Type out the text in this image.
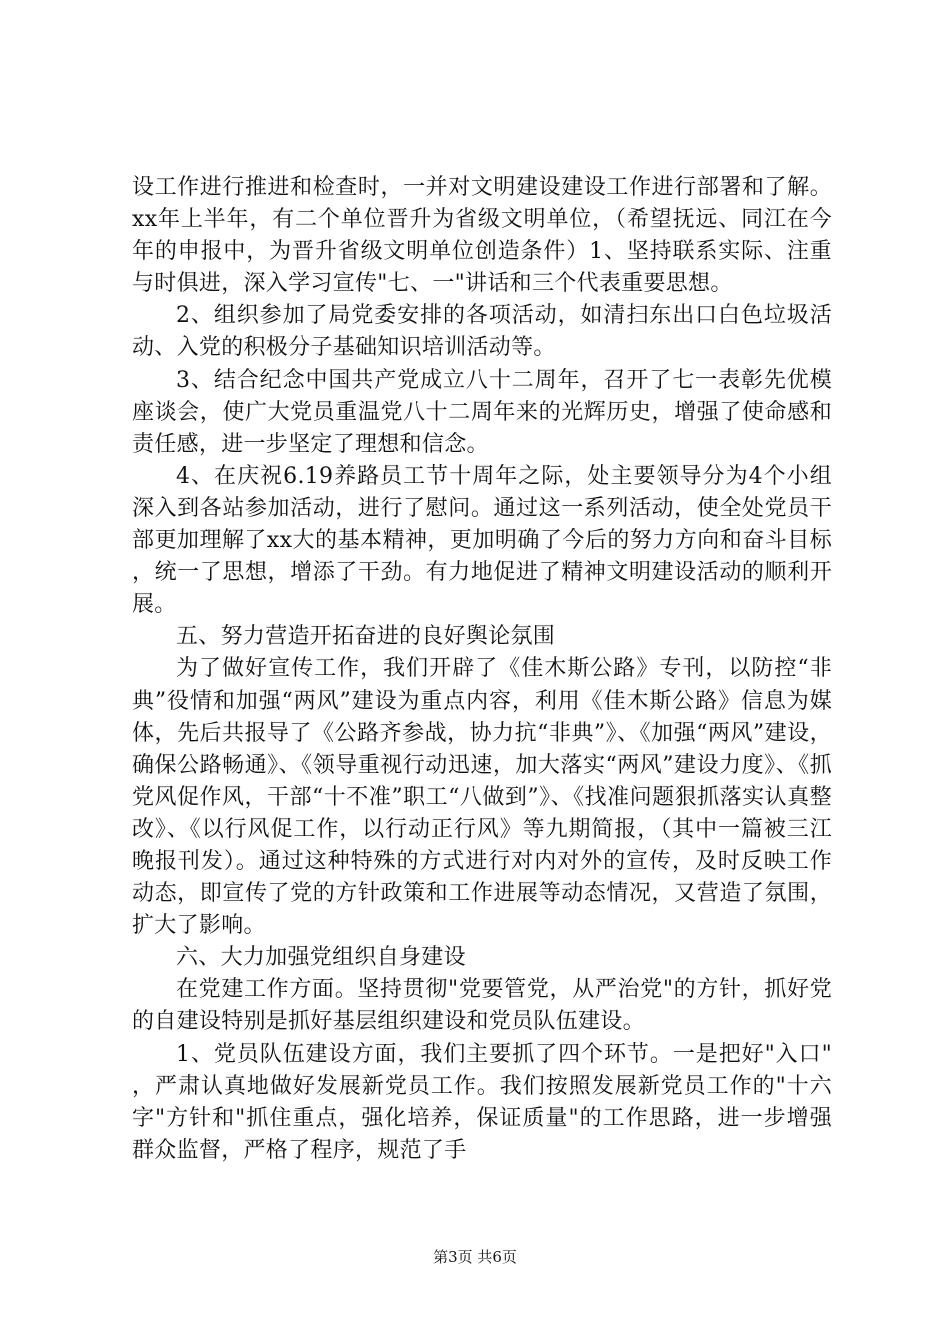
设工作进行推进和检查时，一并对文明建设建设工作进行部署和了解。xx年上半年，有二个单位晋升为省级文明单位，（希望抚远、同江在今年的申报中，为晋升省级文明单位创造条件）1、坚持联系实际、注重与时俱进，深入学习宣传"七、一"讲话和三个代表重要思想。

2、组织参加了局党委安排的各项活动，如清扫东出口白色垃圾活动、入党的积极分子基础知识培训活动等。

3、结合纪念中国共产党成立八十二周年，召开了七一表彰先优模座谈会，使广大党员重温党八十二周年来的光辉历史，增强了使命感和责任感，进一步坚定了理想和信念。

4、在庆祝6.19养路员工节十周年之际，处主要领导分为4个小组深入到各站参加活动，进行了慰问。通过这一系列活动，使全处党员干部更加理解了xx大的基本精神，更加明确了今后的努力方向和奋斗目标，统一了思想，增添了干劲。有力地促进了精神文明建设活动的顺利开展。

五、努力营造开拓奋进的良好舆论氛围

为了做好宣传工作，我们开辟了《佳木斯公路》专刊，以防控“非典”役情和加强“两风”建设为重点内容，利用《佳木斯公路》信息为媒体，先后共报导了《公路齐参战，协力抗“非典”》、《加强“两风”建设，确保公路畅通》、《领导重视行动迅速，加大落实“两风”建设力度》、《抓党风促作风，干部“十不准”职工“八做到”》、《找准问题狠抓落实认真整改》、《以行风促工作，以行动正行风》等九期简报，（其中一篇被三江晚报刊发）。通过这种特殊的方式进行对内对外的宣传，及时反映工作动态，即宣传了党的方针政策和工作进展等动态情况，又营造了氛围，扩大了影响。

六、大力加强党组织自身建设

在党建工作方面。坚持贯彻"党要管党，从严治党"的方针，抓好党的自建设特别是抓好基层组织建设和党员队伍建设。

1、党员队伍建设方面，我们主要抓了四个环节。一是把好"入口"，严肃认真地做好发展新党员工作。我们按照发展新党员工作的"十六字"方针和"抓住重点，强化培养，保证质量"的工作思路，进一步增强群众监督，严格了程序，规范了手

第3页 共6页
